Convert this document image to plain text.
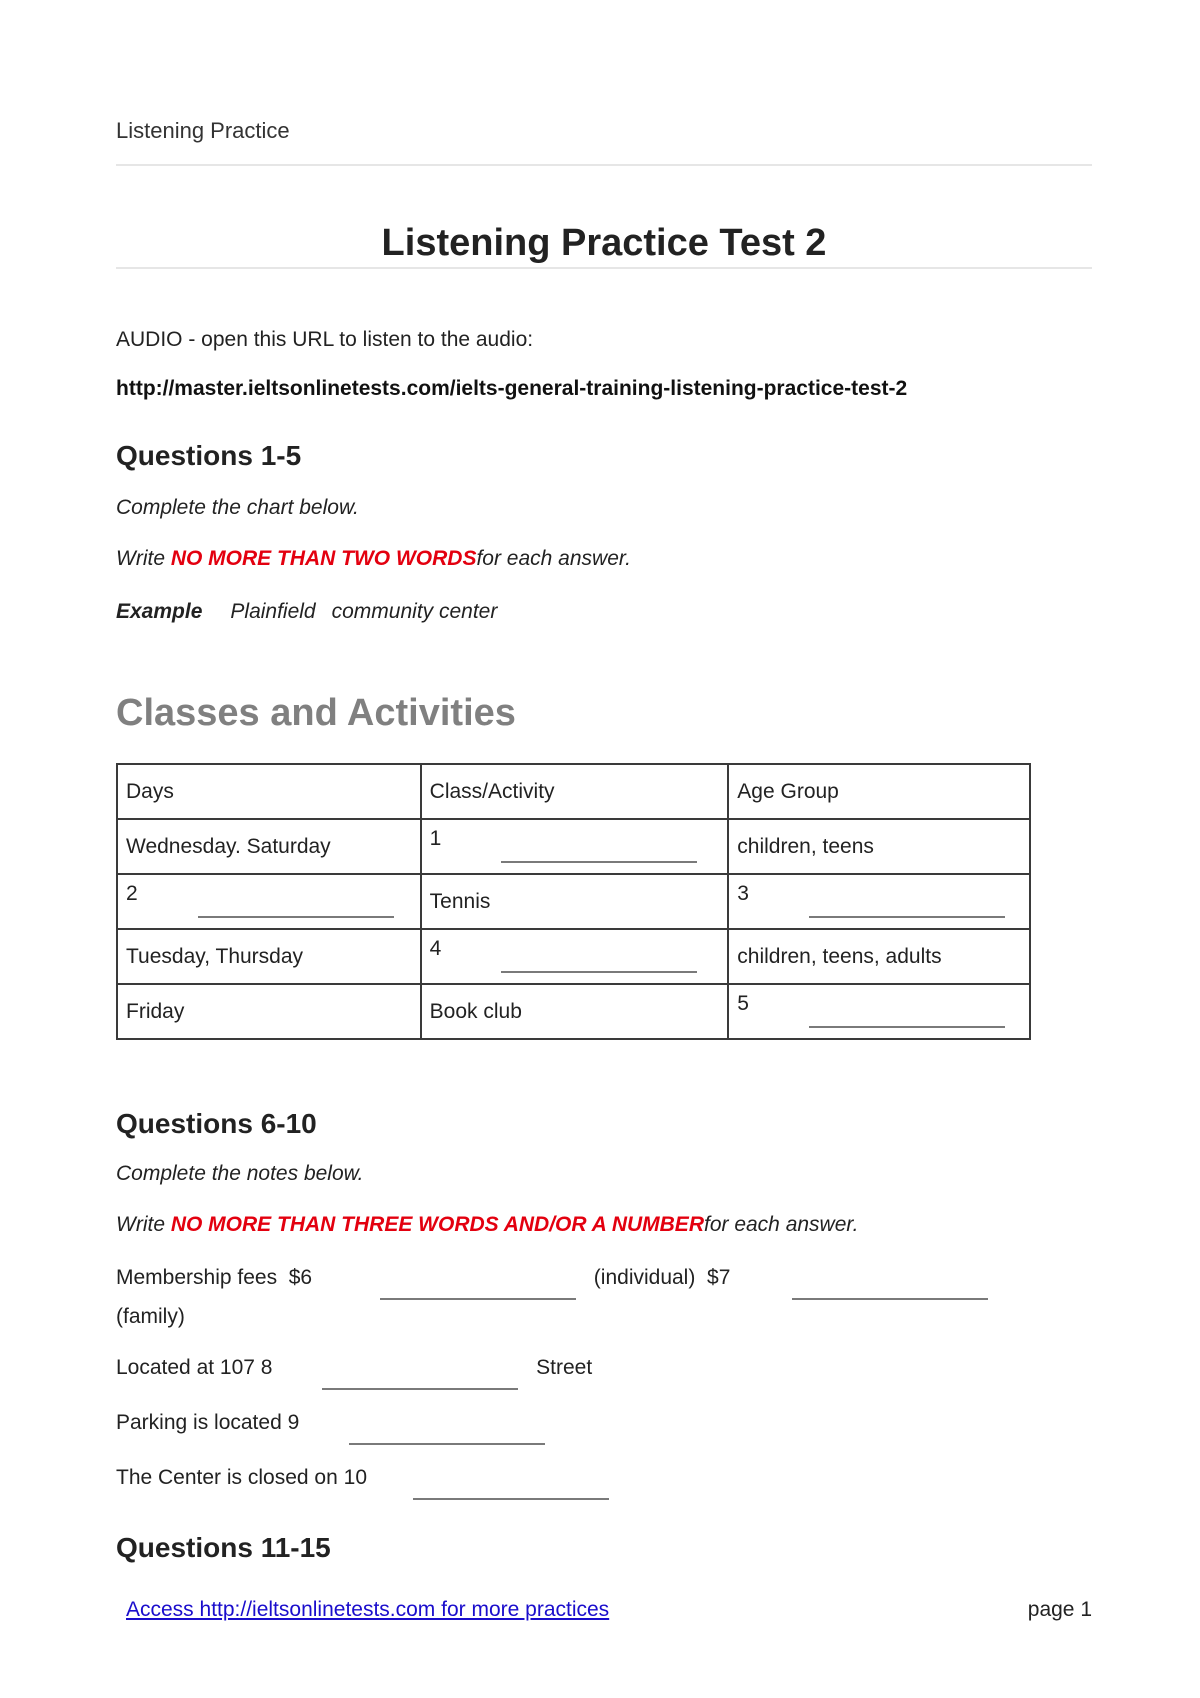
Listening Practice
Listening Practice Test 2
AUDIO - open this URL to listen to the audio:
http://master.ieltsonlinetests.com/ielts-general-training-listening-practice-test-2
Questions 1-5
Complete the chart below.
Write NO MORE THAN TWO WORDSfor each answer.
Example Plainfield community center
Classes and Activities
Days	Class/Activity	Age Group
Wednesday. Saturday	1	children, teens
2	Tennis	3
Tuesday, Thursday	4	children, teens, adults
Friday	Book club	5
Questions 6-10
Complete the notes below.
Write NO MORE THAN THREE WORDS AND/OR A NUMBERfor each answer.
Membership fees $6	(individual) $7
(family)
Located at 107 8	Street
Parking is located 9
The Center is closed on 10
Questions 11-15
Access http://ieltsonlinetests.com for more practices	page 1
